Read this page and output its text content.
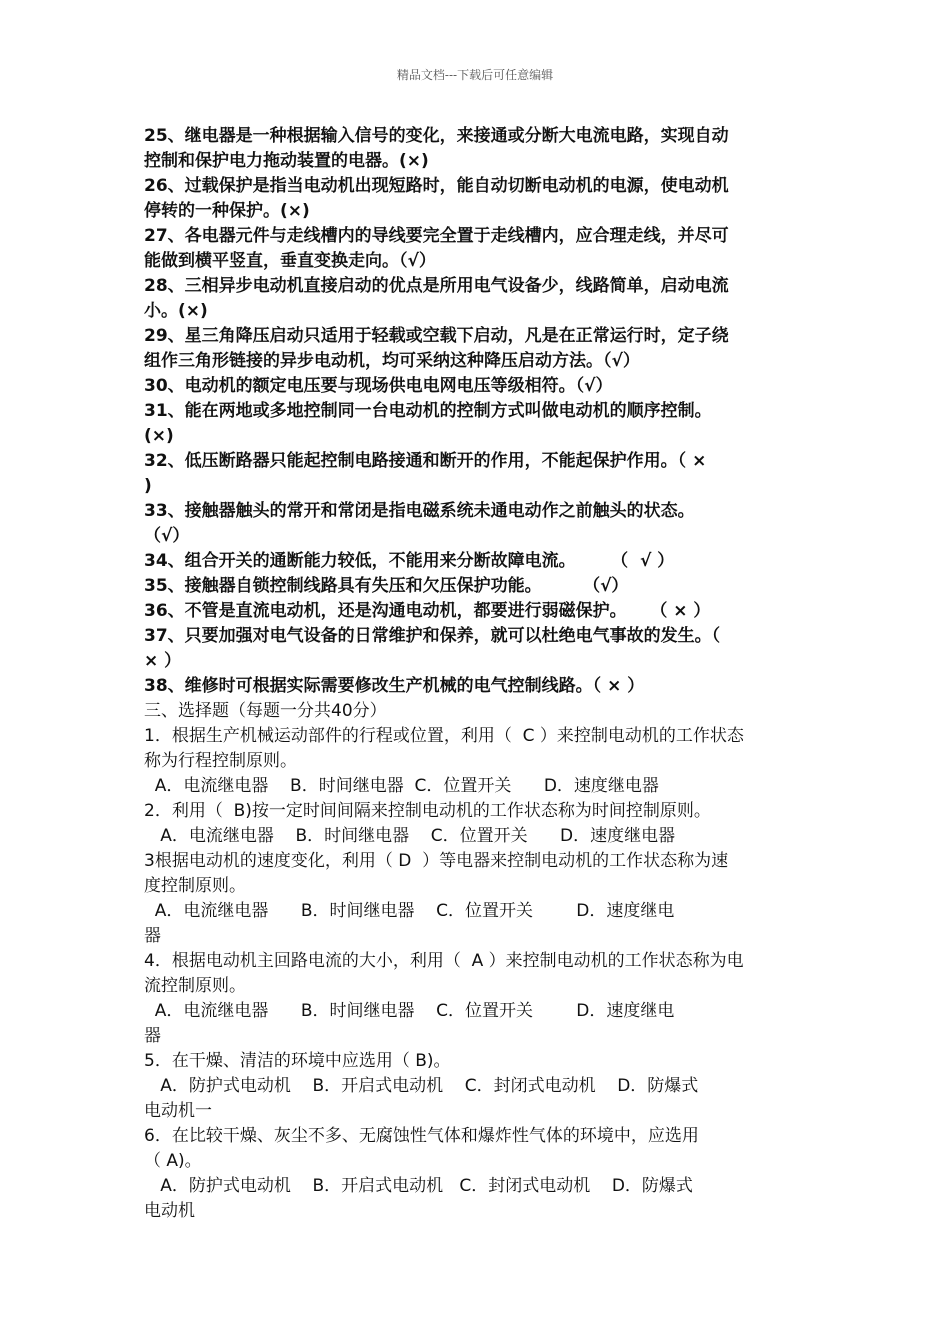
精品文档---下载后可任意编辑
25、继电器是一种根据输入信号的变化，来接通或分断大电流电路，实现自动
控制和保护电力拖动装置的电器。(×)
26、过载保护是指当电动机出现短路时，能自动切断电动机的电源，使电动机
停转的一种保护。(×)
27、各电器元件与走线槽内的导线要完全置于走线槽内，应合理走线，并尽可
能做到横平竖直，垂直变换走向。（√）
28、三相异步电动机直接启动的优点是所用电气设备少，线路简单，启动电流
小。(×)
29、星三角降压启动只适用于轻载或空载下启动，凡是在正常运行时，定子绕
组作三角形链接的异步电动机，均可采纳这种降压启动方法。（√）
30、电动机的额定电压要与现场供电电网电压等级相符。（√）
31、能在两地或多地控制同一台电动机的控制方式叫做电动机的顺序控制。
(×)
32、低压断路器只能起控制电路接通和断开的作用，不能起保护作用。（ ×
)
33、接触器触头的常开和常闭是指电磁系统未通电动作之前触头的状态。
（√）
34、组合开关的通断能力较低，不能用来分断故障电流。      （  √ ）
35、接触器自锁控制线路具有失压和欠压保护功能。       （√）
36、不管是直流电动机，还是沟通电动机，都要进行弱磁保护。    （ × ）
37、只要加强对电气设备的日常维护和保养，就可以杜绝电气事故的发生。（
× ）
38、维修时可根据实际需要修改生产机械的电气控制线路。（ × ）
三、选择题（每题一分共40分）
1．根据生产机械运动部件的行程或位置，利用（  C ）来控制电动机的工作状态
称为行程控制原则。
A．电流继电器    B．时间继电器  C．位置开关      D．速度继电器
2．利用（  B)按一定时间间隔来控制电动机的工作状态称为时间控制原则。
A．电流继电器    B．时间继电器    C．位置开关      D．速度继电器
3根据电动机的速度变化，利用（ D  ）等电器来控制电动机的工作状态称为速
度控制原则。
A．电流继电器      B．时间继电器    C．位置开关        D．速度继电
器
4．根据电动机主回路电流的大小，利用（  A ）来控制电动机的工作状态称为电
流控制原则。
A．电流继电器      B．时间继电器    C．位置开关        D．速度继电
器
5．在干燥、清洁的环境中应选用（ B)。
A．防护式电动机    B．开启式电动机    C．封闭式电动机    D．防爆式
电动机一
6．在比较干燥、灰尘不多、无腐蚀性气体和爆炸性气体的环境中，应选用
（ A)。
A．防护式电动机    B．开启式电动机   C．封闭式电动机    D．防爆式
电动机
